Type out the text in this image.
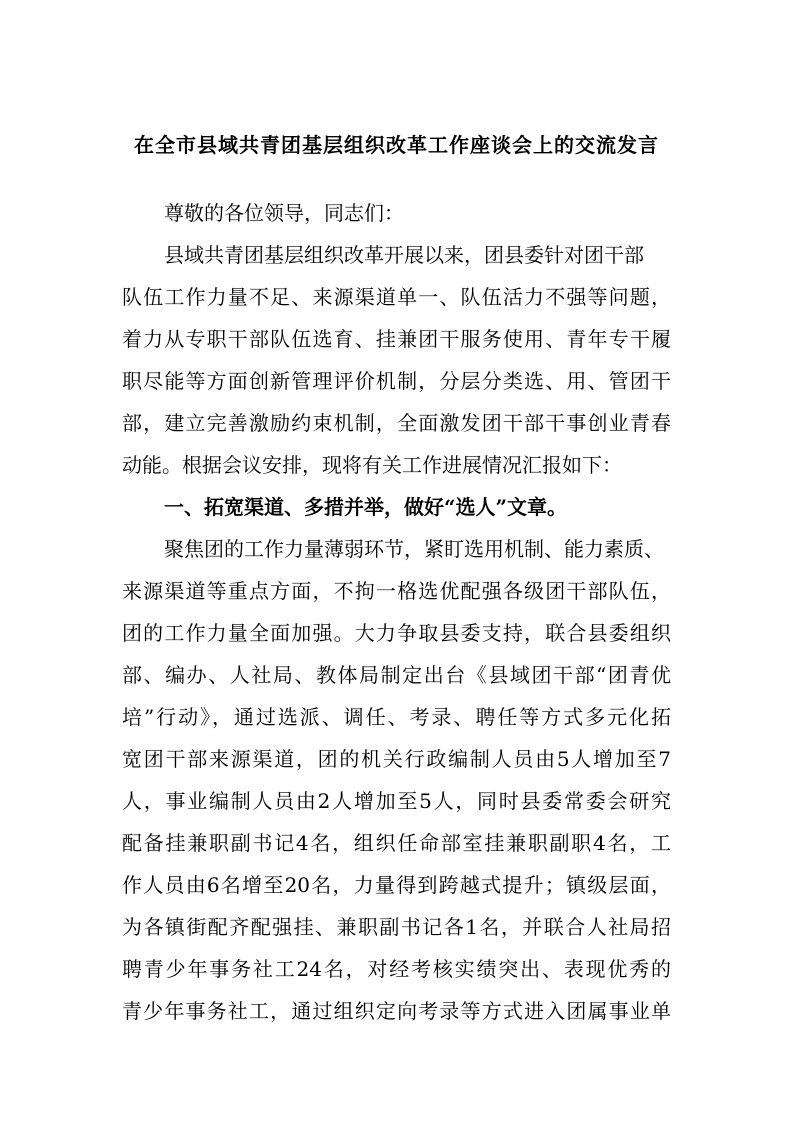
在全市县域共青团基层组织改革工作座谈会上的交流发言

尊敬的各位领导，同志们：

县域共青团基层组织改革开展以来，团县委针对团干部

队伍工作力量不足、来源渠道单一、队伍活力不强等问题，

着力从专职干部队伍选育、挂兼团干服务使用、青年专干履

职尽能等方面创新管理评价机制，分层分类选、用、管团干

部，建立完善激励约束机制，全面激发团干部干事创业青春

动能。根据会议安排，现将有关工作进展情况汇报如下：

一、拓宽渠道、多措并举，做好“选人”文章。

聚焦团的工作力量薄弱环节，紧盯选用机制、能力素质、

来源渠道等重点方面，不拘一格选优配强各级团干部队伍，

团的工作力量全面加强。大力争取县委支持，联合县委组织

部、编办、人社局、教体局制定出台《县域团干部“团青优

培”行动》，通过选派、调任、考录、聘任等方式多元化拓

宽团干部来源渠道，团的机关行政编制人员由5人增加至7

人，事业编制人员由2人增加至5人，同时县委常委会研究

配备挂兼职副书记4名，组织任命部室挂兼职副职4名，工

作人员由6名增至20名，力量得到跨越式提升；镇级层面，

为各镇街配齐配强挂、兼职副书记各1名，并联合人社局招

聘青少年事务社工24名，对经考核实绩突出、表现优秀的

青少年事务社工，通过组织定向考录等方式进入团属事业单
